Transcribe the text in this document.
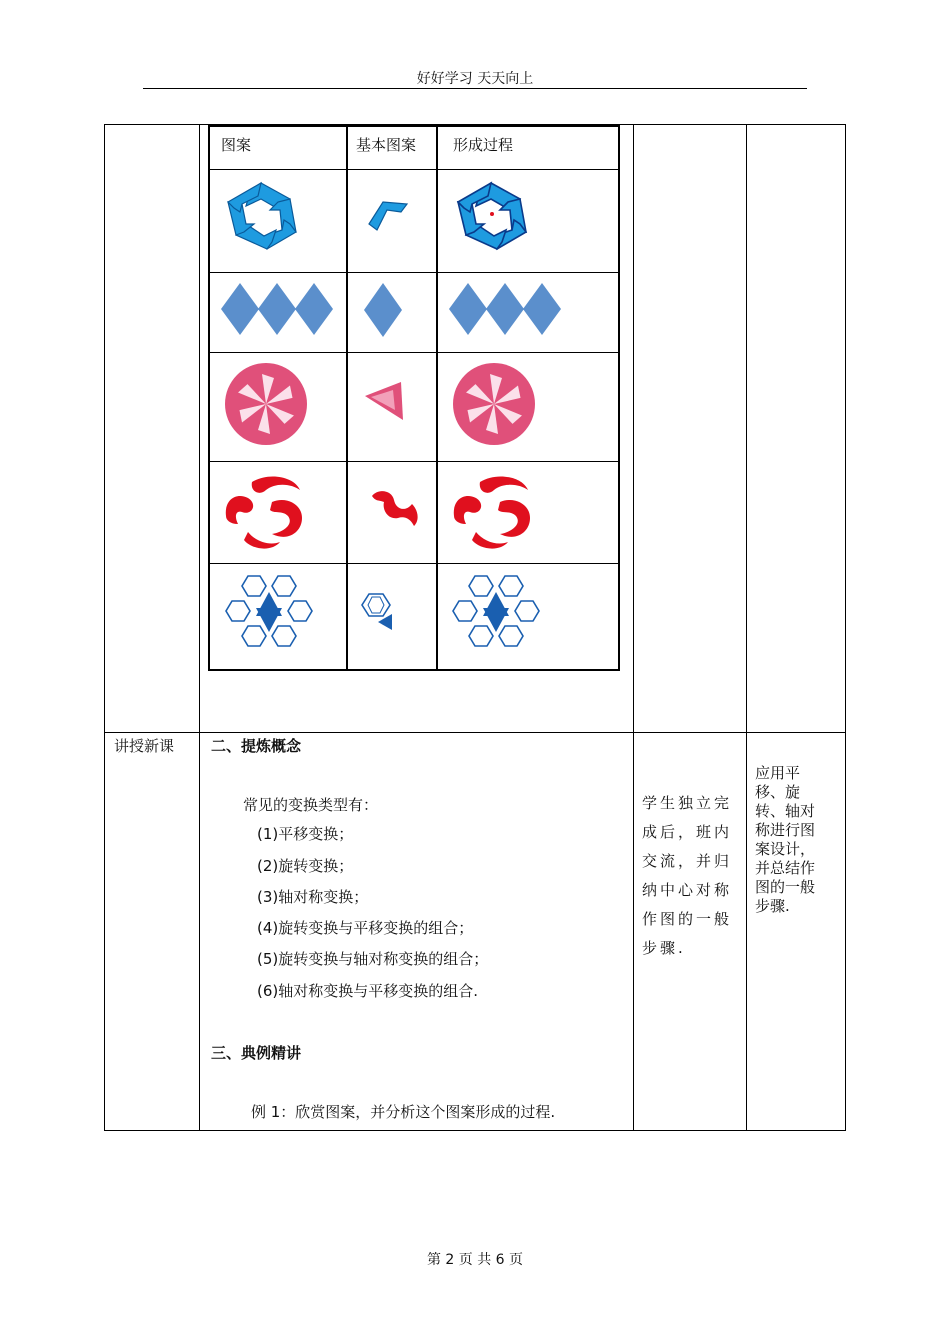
好好学习 天天向上
图案	基本图案 形成过程
讲授新课 二、提炼概念
常见的变换类型有：
(1)平移变换；
(2)旋转变换；
(3)轴对称变换；
(4)旋转变换与平移变换的组合；
(5)旋转变换与轴对称变换的组合；
(6)轴对称变换与平移变换的组合.
三、典例精讲
例 1：欣赏图案，并分析这个图案形成的过程.
学生独立完
成后，班内
交流，并归
纳中心对称
作图的一般
步骤.
应用平
移、旋
转、轴对
称进行图
案设计，
并总结作
图的一般
步骤.
第 2 页 共 6 页
